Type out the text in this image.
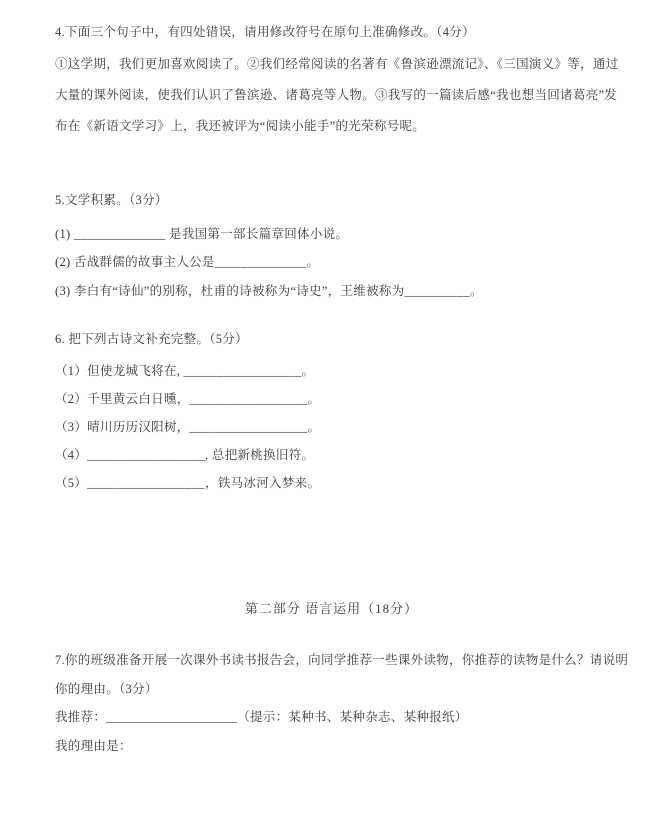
4.下面三个句子中，有四处错误，请用修改符号在原句上准确修改。（4分）
①这学期，我们更加喜欢阅读了。②我们经常阅读的名著有《鲁滨逊漂流记》、《三国演义》等，通过
大量的课外阅读，使我们认识了鲁滨逊、诸葛亮等人物。③我写的一篇读后感“我也想当回诸葛亮”发
布在《新语文学习》上，我还被评为“阅读小能手”的光荣称号呢。
5.文学积累。（3分）
(1) ______________ 是我国第一部长篇章回体小说。
(2) 舌战群儒的故事主人公是______________。
(3) 李白有“诗仙”的别称，杜甫的诗被称为“诗史”，王维被称为__________。
6. 把下列古诗文补充完整。（5分）
（1）但使龙城飞将在, __________________。
（2）千里黄云白日曛，__________________。
（3）晴川历历汉阳树，__________________。
（4）__________________, 总把新桃换旧符。
（5）__________________，铁马冰河入梦来。
第二部分 语言运用（18分）
7.你的班级准备开展一次课外书读书报告会，向同学推荐一些课外读物，你推荐的读物是什么？请说明
你的理由。（3分）
我推荐：____________________（提示：某种书、某种杂志、某种报纸）
我的理由是：
